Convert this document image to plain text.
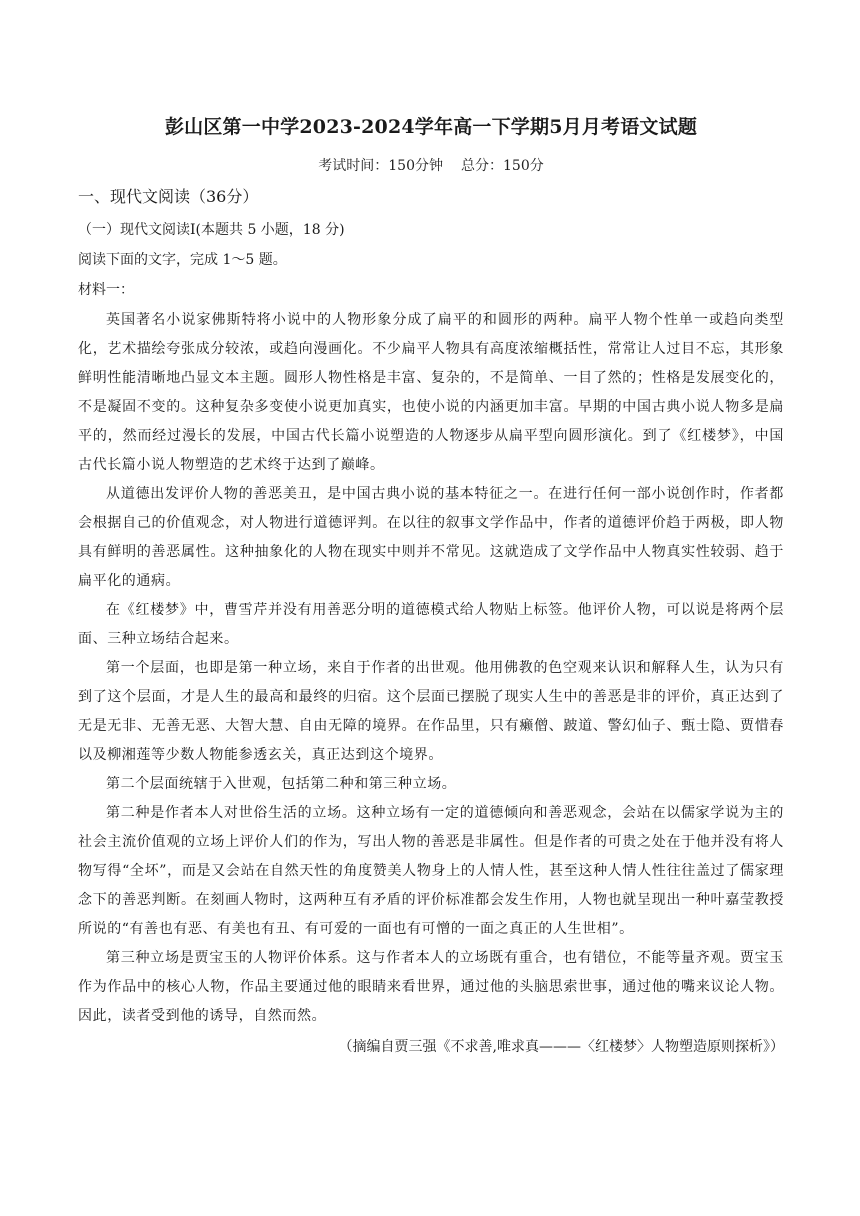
彭山区第一中学2023-2024学年高一下学期5月月考语文试题
考试时间：150分钟 总分：150分
一、现代文阅读（36分）
（一）现代文阅读Ⅰ(本题共 5 小题，18 分)
阅读下面的文字，完成 1～5 题。
材料一：

英国著名小说家佛斯特将小说中的人物形象分成了扁平的和圆形的两种。扁平人物个性单一或趋向类型化，艺术描绘夸张成分较浓，或趋向漫画化。不少扁平人物具有高度浓缩概括性，常常让人过目不忘，其形象鲜明性能清晰地凸显文本主题。圆形人物性格是丰富、复杂的，不是简单、一目了然的；性格是发展变化的，不是凝固不变的。这种复杂多变使小说更加真实，也使小说的内涵更加丰富。早期的中国古典小说人物多是扁平的，然而经过漫长的发展，中国古代长篇小说塑造的人物逐步从扁平型向圆形演化。到了《红楼梦》，中国古代长篇小说人物塑造的艺术终于达到了巅峰。

从道德出发评价人物的善恶美丑，是中国古典小说的基本特征之一。在进行任何一部小说创作时，作者都会根据自己的价值观念，对人物进行道德评判。在以往的叙事文学作品中，作者的道德评价趋于两极，即人物具有鲜明的善恶属性。这种抽象化的人物在现实中则并不常见。这就造成了文学作品中人物真实性较弱、趋于扁平化的通病。

在《红楼梦》中，曹雪芹并没有用善恶分明的道德模式给人物贴上标签。他评价人物，可以说是将两个层面、三种立场结合起来。

第一个层面，也即是第一种立场，来自于作者的出世观。他用佛教的色空观来认识和解释人生，认为只有到了这个层面，才是人生的最高和最终的归宿。这个层面已摆脱了现实人生中的善恶是非的评价，真正达到了无是无非、无善无恶、大智大慧、自由无障的境界。在作品里，只有癞僧、跛道、警幻仙子、甄士隐、贾惜春以及柳湘莲等少数人物能参透玄关，真正达到这个境界。

第二个层面统辖于入世观，包括第二种和第三种立场。

第二种是作者本人对世俗生活的立场。这种立场有一定的道德倾向和善恶观念，会站在以儒家学说为主的社会主流价值观的立场上评价人们的作为，写出人物的善恶是非属性。但是作者的可贵之处在于他并没有将人物写得“全坏”，而是又会站在自然天性的角度赞美人物身上的人情人性，甚至这种人情人性往往盖过了儒家理念下的善恶判断。在刻画人物时，这两种互有矛盾的评价标准都会发生作用，人物也就呈现出一种叶嘉莹教授所说的“有善也有恶、有美也有丑、有可爱的一面也有可憎的一面之真正的人生世相”。

第三种立场是贾宝玉的人物评价体系。这与作者本人的立场既有重合，也有错位，不能等量齐观。贾宝玉作为作品中的核心人物，作品主要通过他的眼睛来看世界，通过他的头脑思索世事，通过他的嘴来议论人物。因此，读者受到他的诱导，自然而然。

（摘编自贾三强《不求善,唯求真———〈红楼梦〉人物塑造原则探析》）
